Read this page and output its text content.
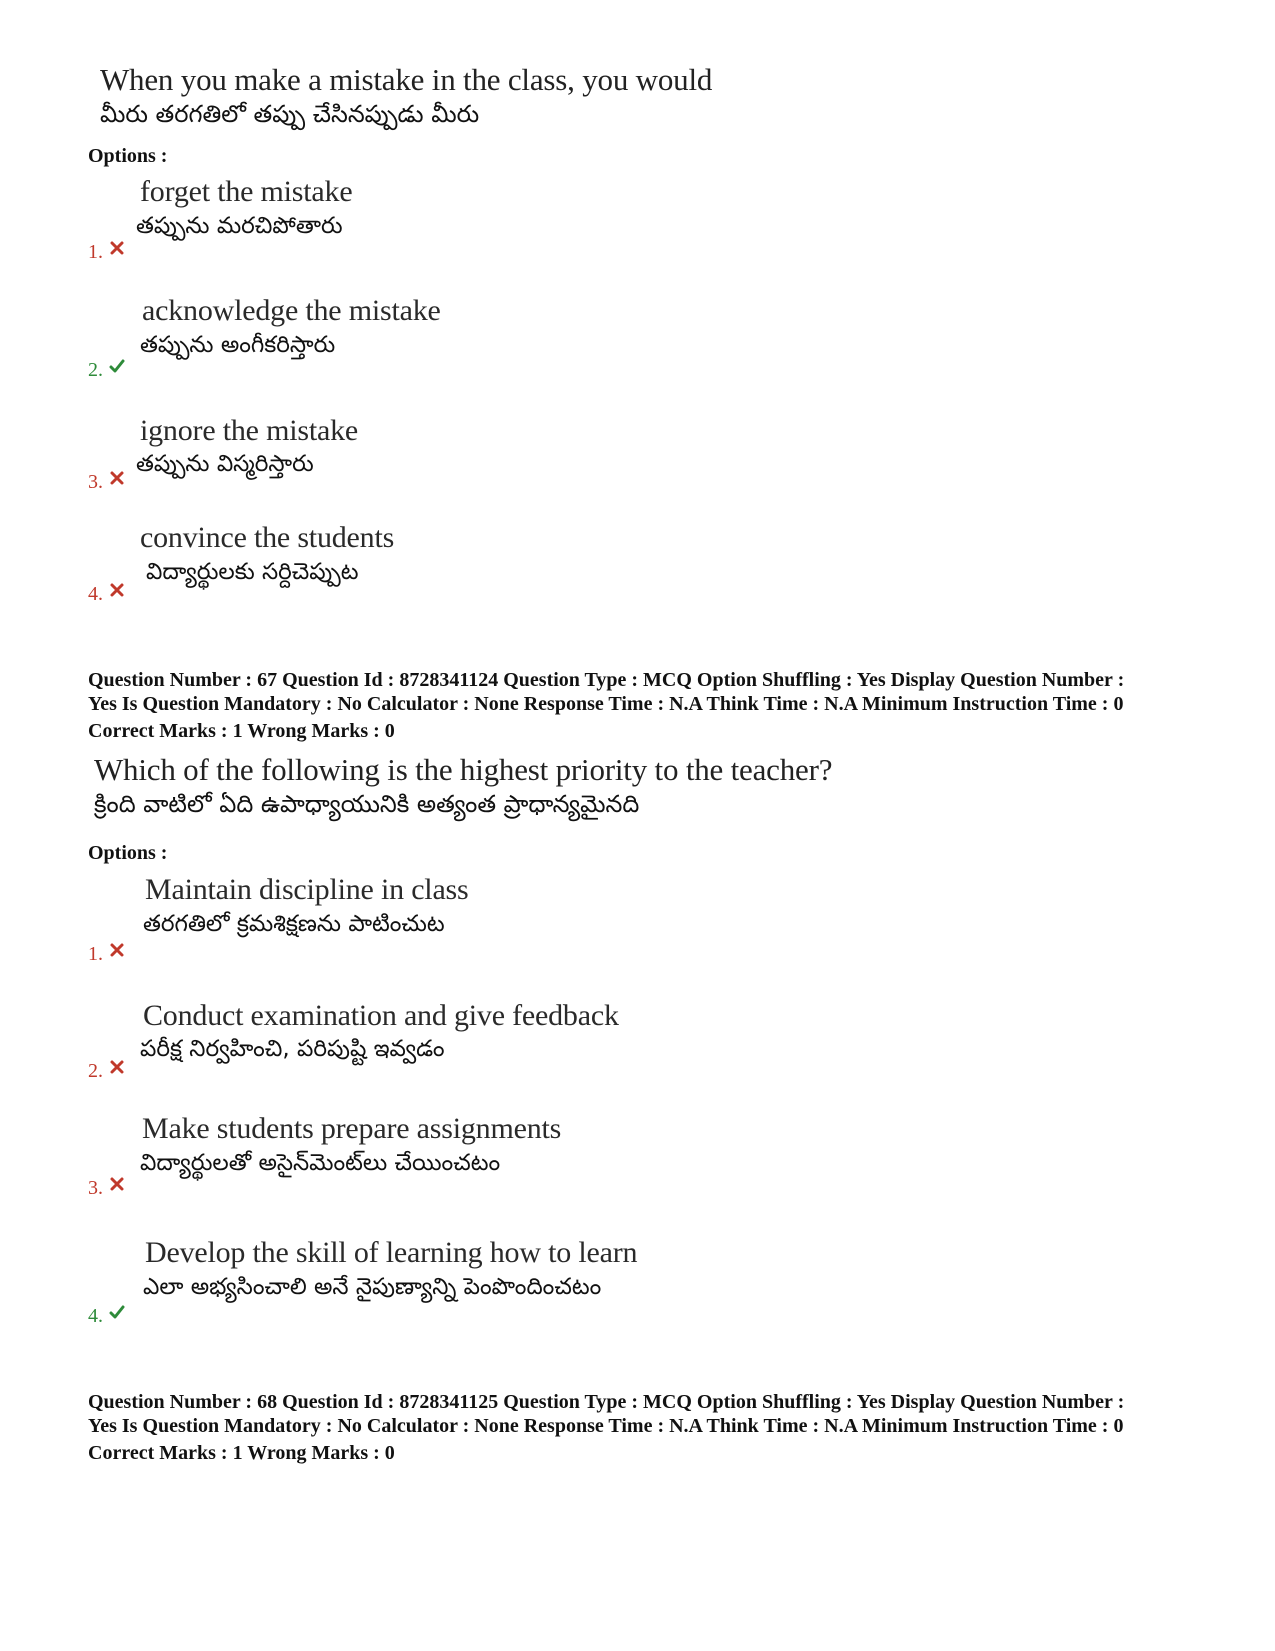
When you make a mistake in the class, you would
మీరు తరగతిలో తప్పు చేసినప్పుడు మీరు
Options :
forget the mistake
తప్పును మరచిపోతారు
1.
acknowledge the mistake
తప్పును అంగీకరిస్తారు
2.
ignore the mistake
తప్పును విస్మరిస్తారు
3.
convince the students
విద్యార్థులకు సర్దిచెప్పుట
4.
Question Number : 67 Question Id : 8728341124 Question Type : MCQ Option Shuffling : Yes Display Question Number :
Yes Is Question Mandatory : No Calculator : None Response Time : N.A Think Time : N.A Minimum Instruction Time : 0
Correct Marks : 1 Wrong Marks : 0
Which of the following is the highest priority to the teacher?
క్రింది వాటిలో ఏది ఉపాధ్యాయునికి అత్యంత ప్రాధాన్యమైనది
Options :
Maintain discipline in class
తరగతిలో క్రమశిక్షణను పాటించుట
1.
Conduct examination and give feedback
పరీక్ష నిర్వహించి, పరిపుష్టి ఇవ్వడం
2.
Make students prepare assignments
విద్యార్థులతో అసైన్‌మెంట్‌లు చేయించటం
3.
Develop the skill of learning how to learn
ఎలా అభ్యసించాలి అనే నైపుణ్యాన్ని పెంపొందించటం
4.
Question Number : 68 Question Id : 8728341125 Question Type : MCQ Option Shuffling : Yes Display Question Number :
Yes Is Question Mandatory : No Calculator : None Response Time : N.A Think Time : N.A Minimum Instruction Time : 0
Correct Marks : 1 Wrong Marks : 0
